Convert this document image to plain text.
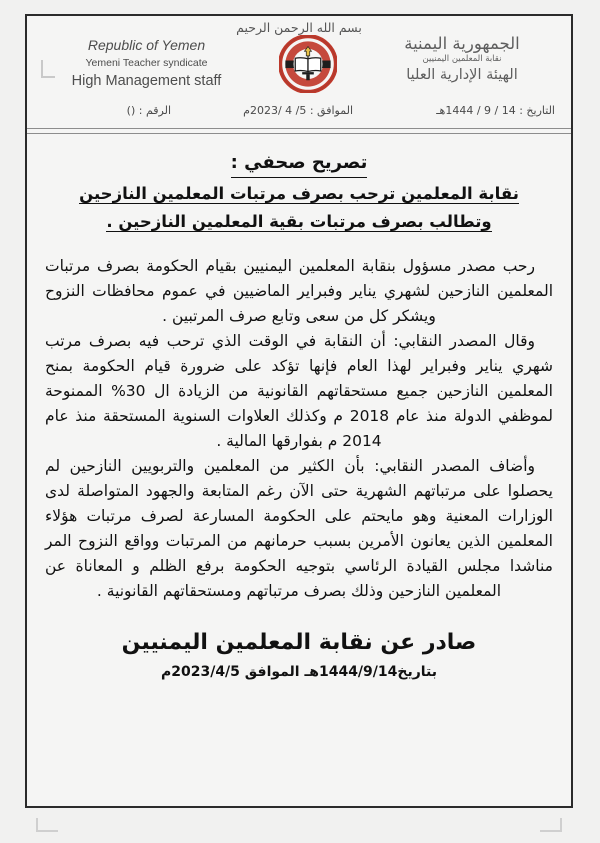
بسم الله الرحمن الرحيم
الجمهورية اليمنية
نقابة المعلمين اليمنيين
الهيئة الإدارية العليا
Republic of Yemen
Yemeni Teacher syndicate
High Management staff
التاريخ : 14 / 9 / 1444هـ
الموافق : 5/ 4 /2023م
الرقم : ()
تصريح صحفي :
نقابة المعلمين ترحب بصرف مرتبات المعلمين النازحين وتطالب بصرف مرتبات بقية المعلمين النازحين .

رحب مصدر مسؤول بنقابة المعلمين اليمنيين بقيام الحكومة بصرف مرتبات المعلمين النازحين لشهري يناير وفبراير الماضيين في عموم محافظات النزوح ويشكر كل من سعى وتابع صرف المرتبين .

وقال المصدر النقابي: أن النقابة في الوقت الذي ترحب فيه بصرف مرتب شهري يناير وفبراير لهذا العام فإنها تؤكد على ضرورة قيام الحكومة بمنح المعلمين النازحين جميع مستحقاتهم القانونية من الزيادة ال 30% الممنوحة لموظفي الدولة منذ عام 2018 م وكذلك العلاوات السنوية المستحقة منذ عام 2014 م بفوارقها المالية .

وأضاف المصدر النقابي: بأن الكثير من المعلمين والتربويين النازحين لم يحصلوا على مرتباتهم الشهرية حتى الآن رغم المتابعة والجهود المتواصلة لدى الوزارات المعنية وهو مايحتم على الحكومة المسارعة لصرف مرتبات هؤلاء المعلمين الذين يعانون الأمرين بسبب حرمانهم من المرتبات وواقع النزوح المر مناشدا مجلس القيادة الرئاسي بتوجيه الحكومة برفع الظلم و المعاناة عن المعلمين النازحين وذلك بصرف مرتباتهم ومستحقاتهم القانونية .

صادر عن نقابة المعلمين اليمنيين
بتاريخ1444/9/14هـ الموافق 2023/4/5م
